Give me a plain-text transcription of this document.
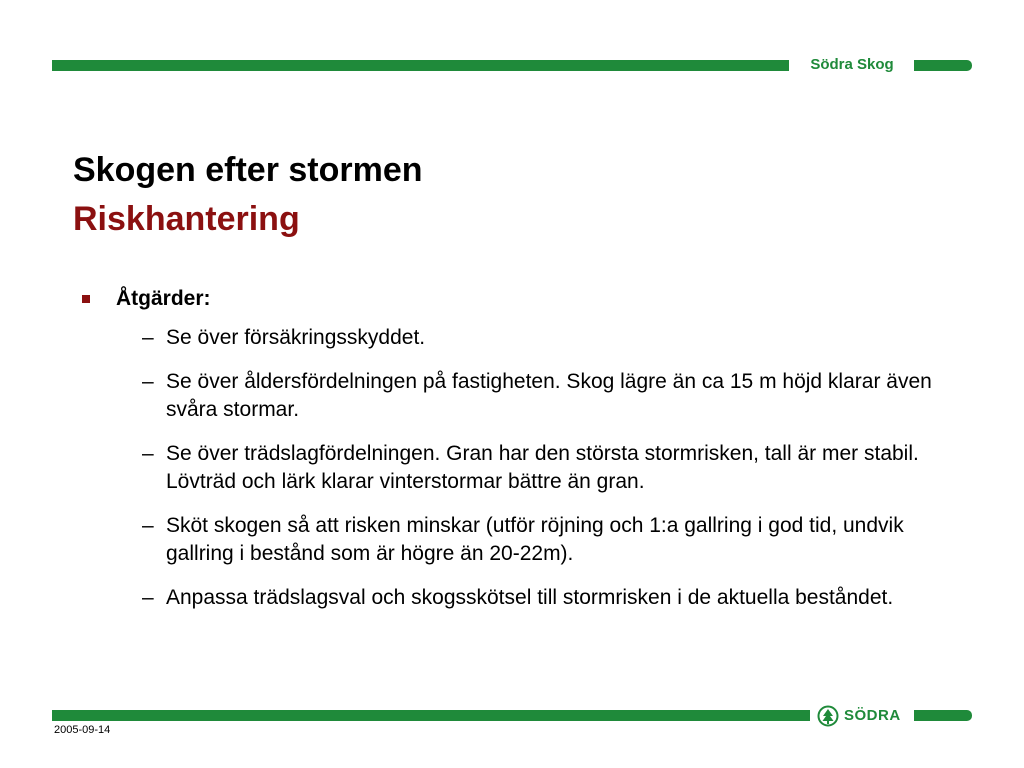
Södra Skog
Skogen efter stormen
Riskhantering
Åtgärder:
– Se över försäkringsskyddet.
– Se över åldersfördelningen på fastigheten. Skog lägre än ca 15 m höjd klarar även svåra stormar.
– Se över trädslagfördelningen. Gran har den största stormrisken, tall är mer stabil. Lövträd och lärk klarar vinterstormar bättre än gran.
– Sköt skogen så att risken minskar (utför röjning och 1:a gallring i god tid, undvik gallring i bestånd som är högre än 20-22m).
– Anpassa trädslagsval och skogsskötsel till stormrisken i de aktuella beståndet.
SÖDRA
2005-09-14
